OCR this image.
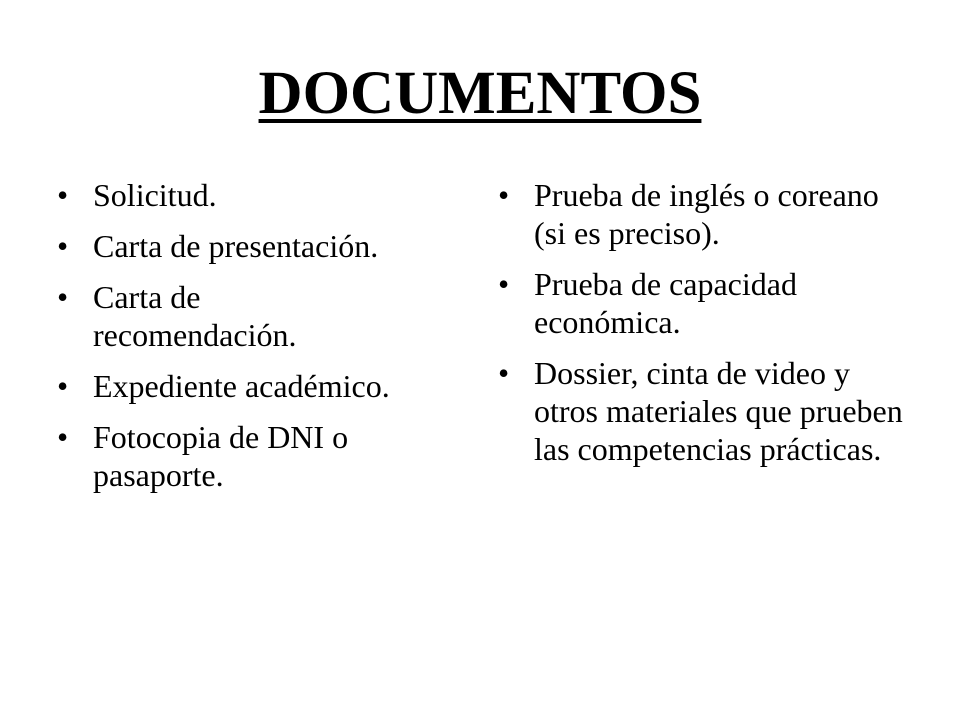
DOCUMENTOS
• Solicitud.
• Carta de presentación.
• Carta de recomendación.
• Expediente académico.
• Fotocopia de DNI o pasaporte.
• Prueba de inglés o coreano (si es preciso).
• Prueba de capacidad económica.
• Dossier, cinta de video y otros materiales que prueben las competencias prácticas.
